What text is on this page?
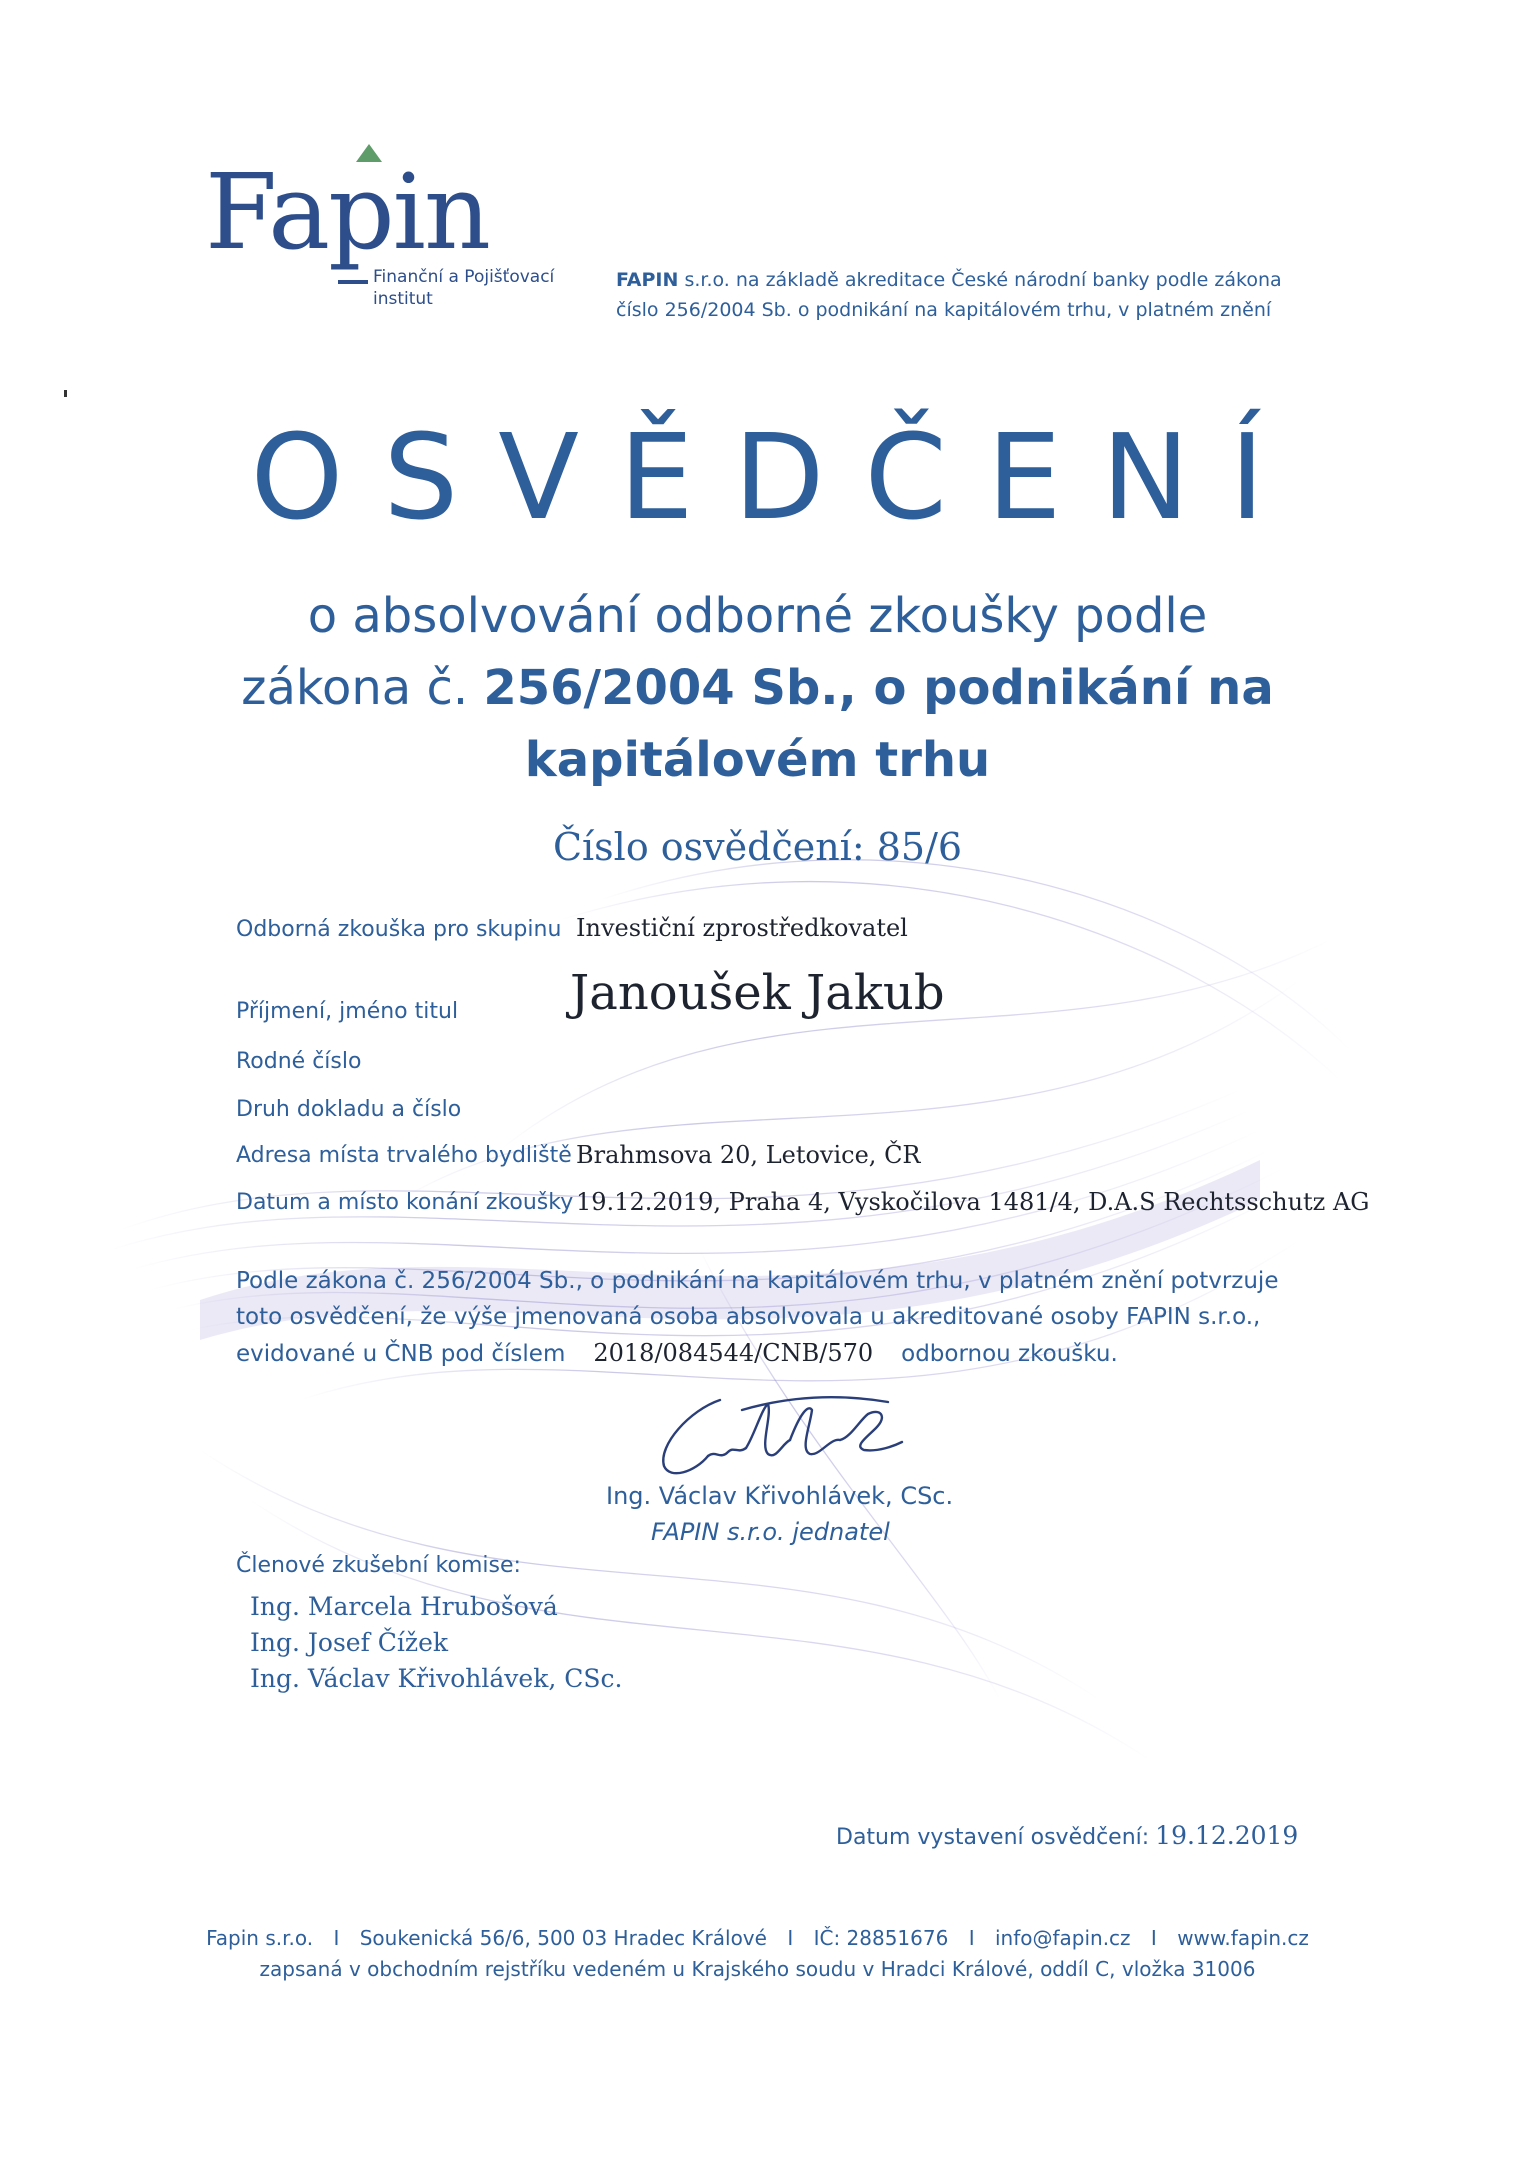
Fapin
Finanční a Pojišťovací
institut
FAPIN s.r.o. na základě akreditace České národní banky podle zákona
číslo 256/2004 Sb. o podnikání na kapitálovém trhu, v platném znění
OSVĚDČENÍ
o absolvování odborné zkoušky podle
zákona č. 256/2004 Sb., o podnikání na
kapitálovém trhu
Číslo osvědčení: 85/6
Odborná zkouška pro skupinu Investiční zprostředkovatel
Příjmení, jméno titul Janoušek Jakub
Rodné číslo
Druh dokladu a číslo
Adresa místa trvalého bydliště Brahmsova 20, Letovice, ČR
Datum a místo konání zkoušky 19.12.2019, Praha 4, Vyskočilova 1481/4, D.A.S Rechtsschutz AG
Podle zákona č. 256/2004 Sb., o podnikání na kapitálovém trhu, v platném znění potvrzuje
toto osvědčení, že výše jmenovaná osoba absolvovala u akreditované osoby FAPIN s.r.o.,
evidované u ČNB pod číslem 2018/084544/CNB/570 odbornou zkoušku.
Ing. Václav Křivohlávek, CSc.
FAPIN s.r.o. jednatel
Členové zkušební komise:
Ing. Marcela Hrubošová
Ing. Josef Čížek
Ing. Václav Křivohlávek, CSc.
Datum vystavení osvědčení: 19.12.2019
Fapin s.r.o. I Soukenická 56/6, 500 03 Hradec Králové I IČ: 28851676 I info@fapin.cz I www.fapin.cz
zapsaná v obchodním rejstříku vedeném u Krajského soudu v Hradci Králové, oddíl C, vložka 31006
